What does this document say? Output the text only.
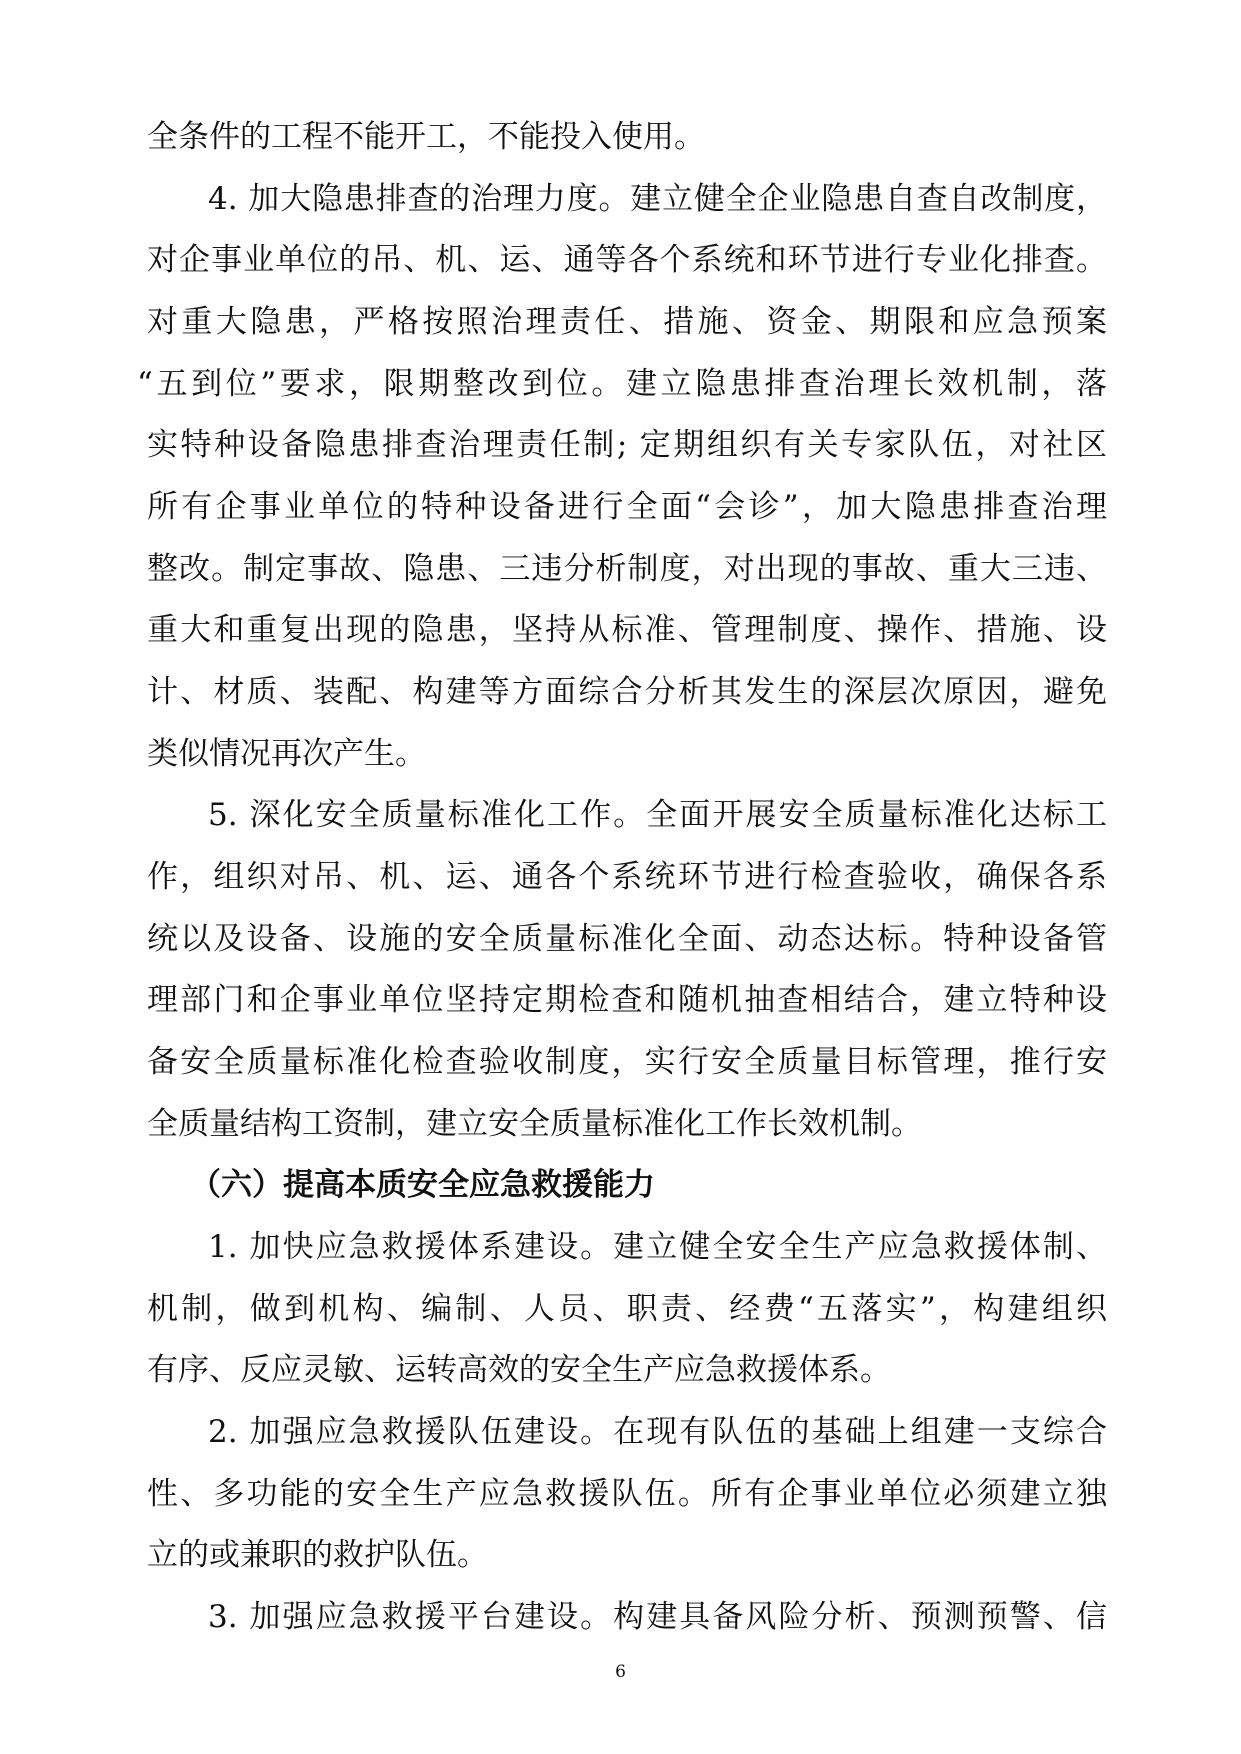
全条件的工程不能开工，不能投入使用。
4. 加大隐患排查的治理力度。建立健全企业隐患自查自改制度，
对企事业单位的吊、机、运、通等各个系统和环节进行专业化排查。
对重大隐患，严格按照治理责任、措施、资金、期限和应急预案
“五到位”要求，限期整改到位。建立隐患排查治理长效机制，落
实特种设备隐患排查治理责任制; 定期组织有关专家队伍，对社区
所有企事业单位的特种设备进行全面“会诊”，加大隐患排查治理
整改。制定事故、隐患、三违分析制度，对出现的事故、重大三违、
重大和重复出现的隐患，坚持从标准、管理制度、操作、措施、设
计、材质、装配、构建等方面综合分析其发生的深层次原因，避免
类似情况再次产生。
5. 深化安全质量标准化工作。全面开展安全质量标准化达标工
作，组织对吊、机、运、通各个系统环节进行检查验收，确保各系
统以及设备、设施的安全质量标准化全面、动态达标。特种设备管
理部门和企事业单位坚持定期检查和随机抽查相结合，建立特种设
备安全质量标准化检查验收制度，实行安全质量目标管理，推行安
全质量结构工资制，建立安全质量标准化工作长效机制。
（六）提高本质安全应急救援能力
1. 加快应急救援体系建设。建立健全安全生产应急救援体制、
机制，做到机构、编制、人员、职责、经费“五落实”，构建组织
有序、反应灵敏、运转高效的安全生产应急救援体系。
2. 加强应急救援队伍建设。在现有队伍的基础上组建一支综合
性、多功能的安全生产应急救援队伍。所有企事业单位必须建立独
立的或兼职的救护队伍。
3. 加强应急救援平台建设。构建具备风险分析、预测预警、信
6
